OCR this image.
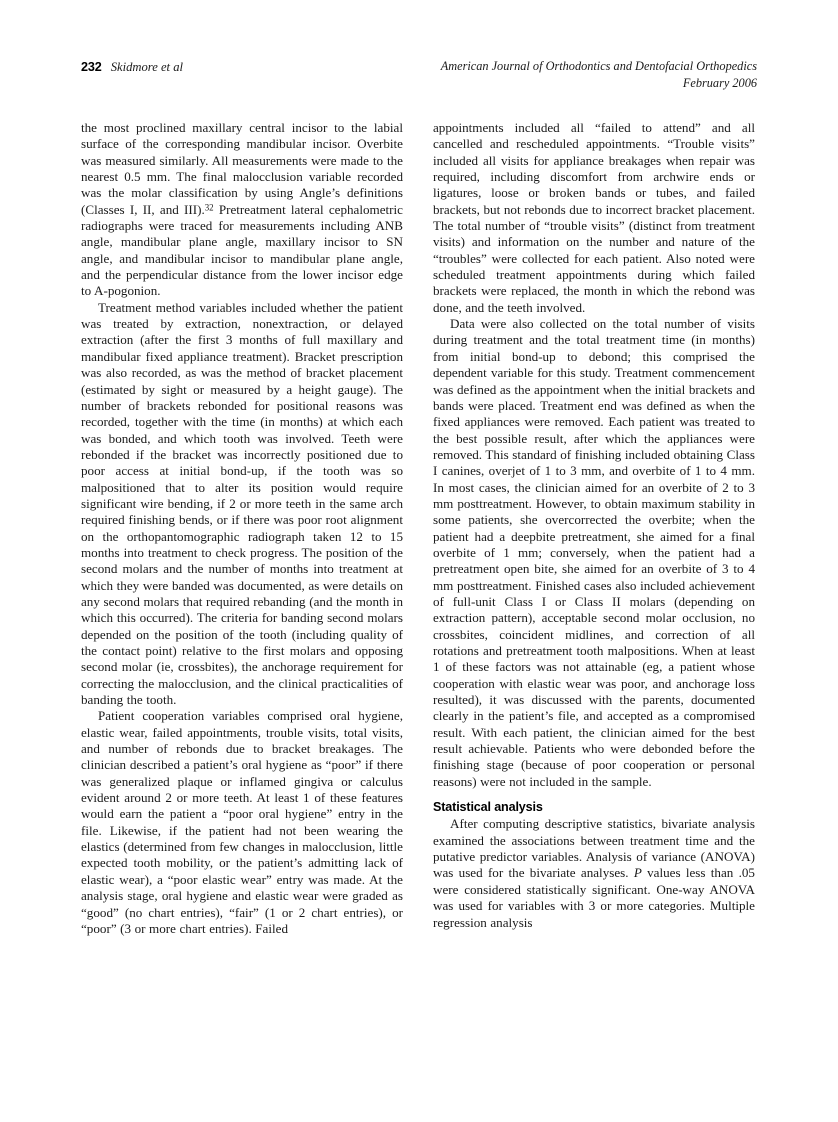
232 Skidmore et al	American Journal of Orthodontics and Dentofacial Orthopedics
February 2006

the most proclined maxillary central incisor to the labial surface of the corresponding mandibular incisor. Overbite was measured similarly. All measurements were made to the nearest 0.5 mm. The final malocclusion variable recorded was the molar classification by using Angle’s definitions (Classes I, II, and III).$^{32}$ Pretreatment lateral cephalometric radiographs were traced for measurements including ANB angle, mandibular plane angle, maxillary incisor to SN angle, and mandibular incisor to mandibular plane angle, and the perpendicular distance from the lower incisor edge to A-pogonion.

Treatment method variables included whether the patient was treated by extraction, nonextraction, or delayed extraction (after the first 3 months of full maxillary and mandibular fixed appliance treatment). Bracket prescription was also recorded, as was the method of bracket placement (estimated by sight or measured by a height gauge). The number of brackets rebonded for positional reasons was recorded, together with the time (in months) at which each was bonded, and which tooth was involved. Teeth were rebonded if the bracket was incorrectly positioned due to poor access at initial bond-up, if the tooth was so malpositioned that to alter its position would require significant wire bending, if 2 or more teeth in the same arch required finishing bends, or if there was poor root alignment on the orthopantomographic radiograph taken 12 to 15 months into treatment to check progress. The position of the second molars and the number of months into treatment at which they were banded was documented, as were details on any second molars that required rebanding (and the month in which this occurred). The criteria for banding second molars depended on the position of the tooth (including quality of the contact point) relative to the first molars and opposing second molar (ie, crossbites), the anchorage requirement for correcting the malocclusion, and the clinical practicalities of banding the tooth.

Patient cooperation variables comprised oral hygiene, elastic wear, failed appointments, trouble visits, total visits, and number of rebonds due to bracket breakages. The clinician described a patient’s oral hygiene as “poor” if there was generalized plaque or inflamed gingiva or calculus evident around 2 or more teeth. At least 1 of these features would earn the patient a “poor oral hygiene” entry in the file. Likewise, if the patient had not been wearing the elastics (determined from few changes in malocclusion, little expected tooth mobility, or the patient’s admitting lack of elastic wear), a “poor elastic wear” entry was made. At the analysis stage, oral hygiene and elastic wear were graded as “good” (no chart entries), “fair” (1 or 2 chart entries), or “poor” (3 or more chart entries). Failed

appointments included all “failed to attend” and all cancelled and rescheduled appointments. “Trouble visits” included all visits for appliance breakages when repair was required, including discomfort from archwire ends or ligatures, loose or broken bands or tubes, and failed brackets, but not rebonds due to incorrect bracket placement. The total number of “trouble visits” (distinct from treatment visits) and information on the number and nature of the “troubles” were collected for each patient. Also noted were scheduled treatment appointments during which failed brackets were replaced, the month in which the rebond was done, and the teeth involved.

Data were also collected on the total number of visits during treatment and the total treatment time (in months) from initial bond-up to debond; this comprised the dependent variable for this study. Treatment commencement was defined as the appointment when the initial brackets and bands were placed. Treatment end was defined as when the fixed appliances were removed. Each patient was treated to the best possible result, after which the appliances were removed. This standard of finishing included obtaining Class I canines, overjet of 1 to 3 mm, and overbite of 1 to 4 mm. In most cases, the clinician aimed for an overbite of 2 to 3 mm posttreatment. However, to obtain maximum stability in some patients, she overcorrected the overbite; when the patient had a deepbite pretreatment, she aimed for a final overbite of 1 mm; conversely, when the patient had a pretreatment open bite, she aimed for an overbite of 3 to 4 mm posttreatment. Finished cases also included achievement of full-unit Class I or Class II molars (depending on extraction pattern), acceptable second molar occlusion, no crossbites, coincident midlines, and correction of all rotations and pretreatment tooth malpositions. When at least 1 of these factors was not attainable (eg, a patient whose cooperation with elastic wear was poor, and anchorage loss resulted), it was discussed with the parents, documented clearly in the patient’s file, and accepted as a compromised result. With each patient, the clinician aimed for the best result achievable. Patients who were debonded before the finishing stage (because of poor cooperation or personal reasons) were not included in the sample.

Statistical analysis

After computing descriptive statistics, bivariate analysis examined the associations between treatment time and the putative predictor variables. Analysis of variance (ANOVA) was used for the bivariate analyses. P values less than .05 were considered statistically significant. One-way ANOVA was used for variables with 3 or more categories. Multiple regression analysis
